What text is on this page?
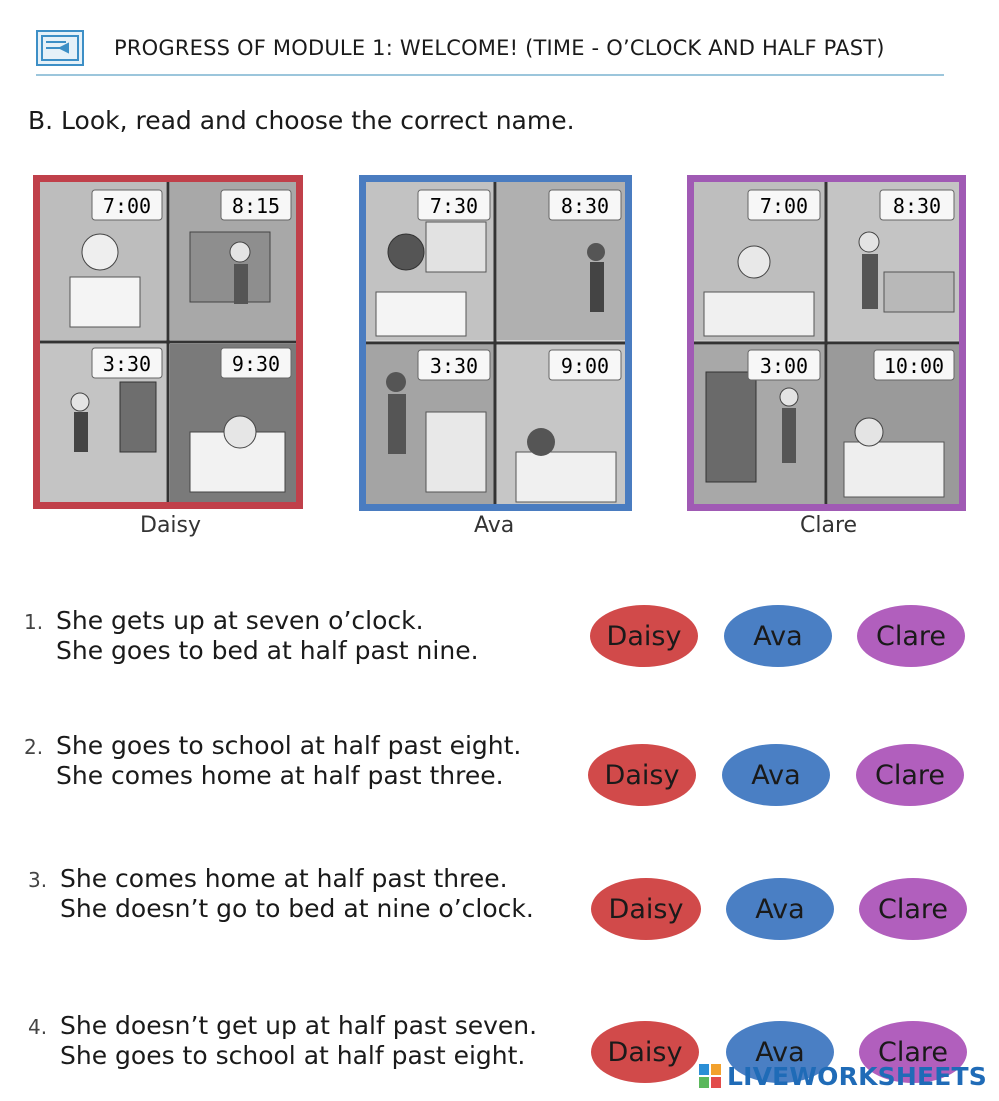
PROGRESS OF MODULE 1: WELCOME! (TIME - O’CLOCK AND HALF PAST)
B. Look, read and choose the correct name.
7:00	8:15
3:30	9:30
7:30	8:30
3:30	9:00
7:00	8:30
3:00	10:00
Daisy	Ava	Clare
1. She gets up at seven o’clock.
She goes to bed at half past nine.	Daisy	Ava	Clare
2. She goes to school at half past eight.
She comes home at half past three.	Daisy	Ava	Clare
3. She comes home at half past three.
She doesn’t go to bed at nine o’clock.	Daisy	Ava	Clare
4. She doesn’t get up at half past seven.
She goes to school at half past eight.	Daisy	Ava	Clare
LIVEWORKSHEETS
